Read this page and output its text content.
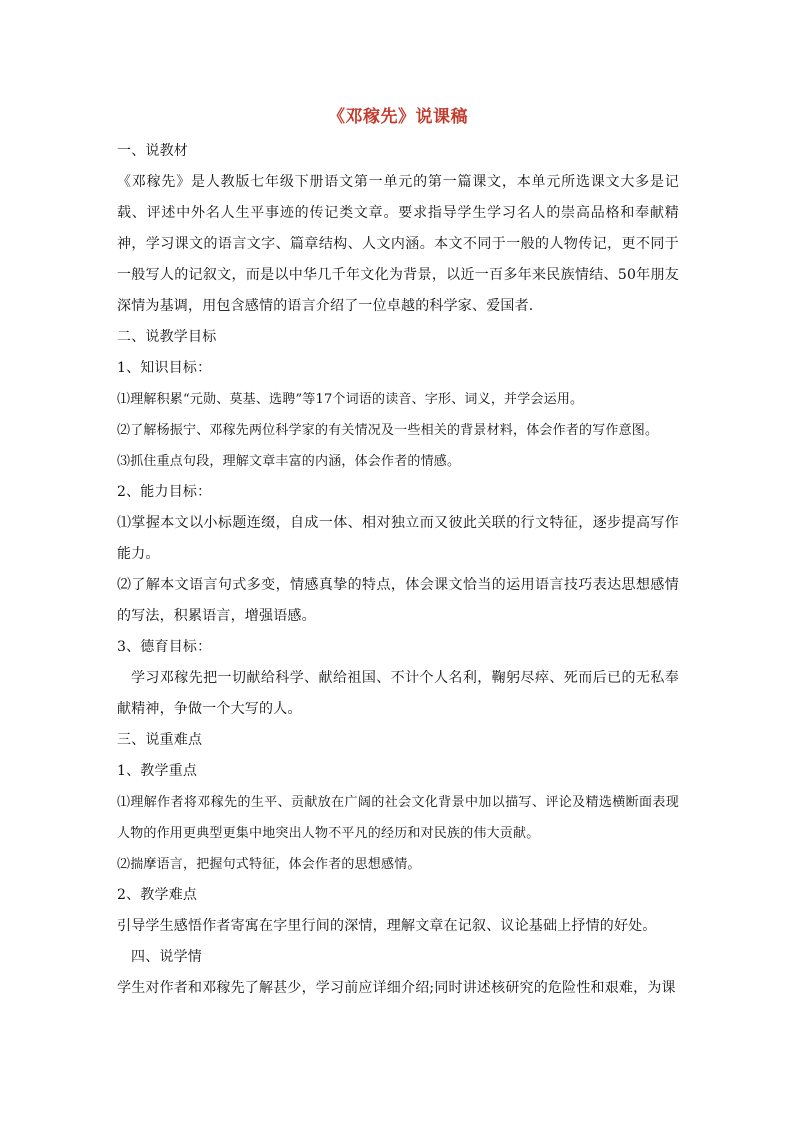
《邓稼先》说课稿

一、说教材

《邓稼先》是人教版七年级下册语文第一单元的第一篇课文，本单元所选课文大多是记载、评述中外名人生平事迹的传记类文章。要求指导学生学习名人的崇高品格和奉献精神，学习课文的语言文字、篇章结构、人文内涵。本文不同于一般的人物传记，更不同于一般写人的记叙文，而是以中华几千年文化为背景，以近一百多年来民族情结、50年朋友深情为基调，用包含感情的语言介绍了一位卓越的科学家、爱国者.

二、说教学目标

1、知识目标：

⑴理解积累“元勋、莫基、选聘”等17个词语的读音、字形、词义，并学会运用。

⑵了解杨振宁、邓稼先两位科学家的有关情况及一些相关的背景材料，体会作者的写作意图。

⑶抓住重点句段，理解文章丰富的内涵，体会作者的情感。

2、能力目标：

⑴掌握本文以小标题连缀，自成一体、相对独立而又彼此关联的行文特征，逐步提高写作能力。

⑵了解本文语言句式多变，情感真挚的特点，体会课文恰当的运用语言技巧表达思想感情的写法，积累语言，增强语感。

3、德育目标：

学习邓稼先把一切献给科学、献给祖国、不计个人名利，鞠躬尽瘁、死而后已的无私奉献精神，争做一个大写的人。

三、说重难点

1、教学重点

⑴理解作者将邓稼先的生平、贡献放在广阔的社会文化背景中加以描写、评论及精选横断面表现人物的作用更典型更集中地突出人物不平凡的经历和对民族的伟大贡献。

⑵揣摩语言，把握句式特征，体会作者的思想感情。

2、教学难点

引导学生感悟作者寄寓在字里行间的深情，理解文章在记叙、议论基础上抒情的好处。

四、说学情

学生对作者和邓稼先了解甚少，学习前应详细介绍;同时讲述核研究的危险性和艰难，为课
